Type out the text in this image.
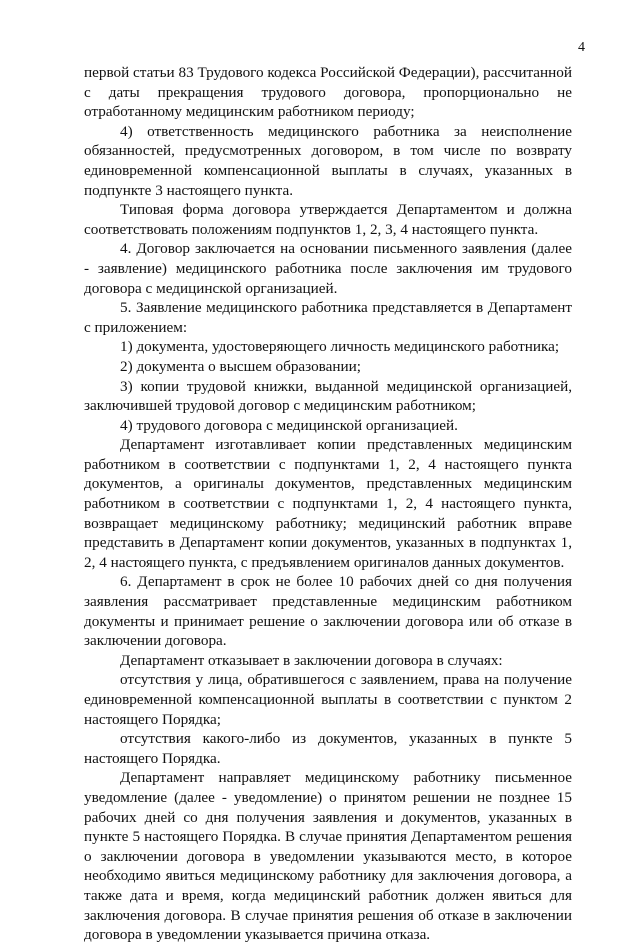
4

первой статьи 83 Трудового кодекса Российской Федерации), рассчитанной с даты прекращения трудового договора, пропорционально не отработанному медицинским работником периоду;

4) ответственность медицинского работника за неисполнение обязанностей, предусмотренных договором, в том числе по возврату единовременной компенсационной выплаты в случаях, указанных в подпункте 3 настоящего пункта.

Типовая форма договора утверждается Департаментом и должна соответствовать положениям подпунктов 1, 2, 3, 4 настоящего пункта.

4. Договор заключается на основании письменного заявления (далее - заявление) медицинского работника после заключения им трудового договора с медицинской организацией.

5. Заявление медицинского работника представляется в Департамент с приложением:

1) документа, удостоверяющего личность медицинского работника;

2) документа о высшем образовании;

3) копии трудовой книжки, выданной медицинской организацией, заключившей трудовой договор с медицинским работником;

4) трудового договора с медицинской организацией.

Департамент изготавливает копии представленных медицинским работником в соответствии с подпунктами 1, 2, 4 настоящего пункта документов, а оригиналы документов, представленных медицинским работником в соответствии с подпунктами 1, 2, 4 настоящего пункта, возвращает медицинскому работнику; медицинский работник вправе представить в Департамент копии документов, указанных в подпунктах 1, 2, 4 настоящего пункта, с предъявлением оригиналов данных документов.

6. Департамент в срок не более 10 рабочих дней со дня получения заявления рассматривает представленные медицинским работником документы и принимает решение о заключении договора или об отказе в заключении договора.

Департамент отказывает в заключении договора в случаях:

отсутствия у лица, обратившегося с заявлением, права на получение единовременной компенсационной выплаты в соответствии с пунктом 2 настоящего Порядка;

отсутствия какого-либо из документов, указанных в пункте 5 настоящего Порядка.

Департамент направляет медицинскому работнику письменное уведомление (далее - уведомление) о принятом решении не позднее 15 рабочих дней со дня получения заявления и документов, указанных в пункте 5 настоящего Порядка. В случае принятия Департаментом решения о заключении договора в уведомлении указываются место, в которое необходимо явиться медицинскому работнику для заключения договора, а также дата и время, когда медицинский работник должен явиться для заключения договора. В случае принятия решения об отказе в заключении договора в уведомлении указывается причина отказа.
